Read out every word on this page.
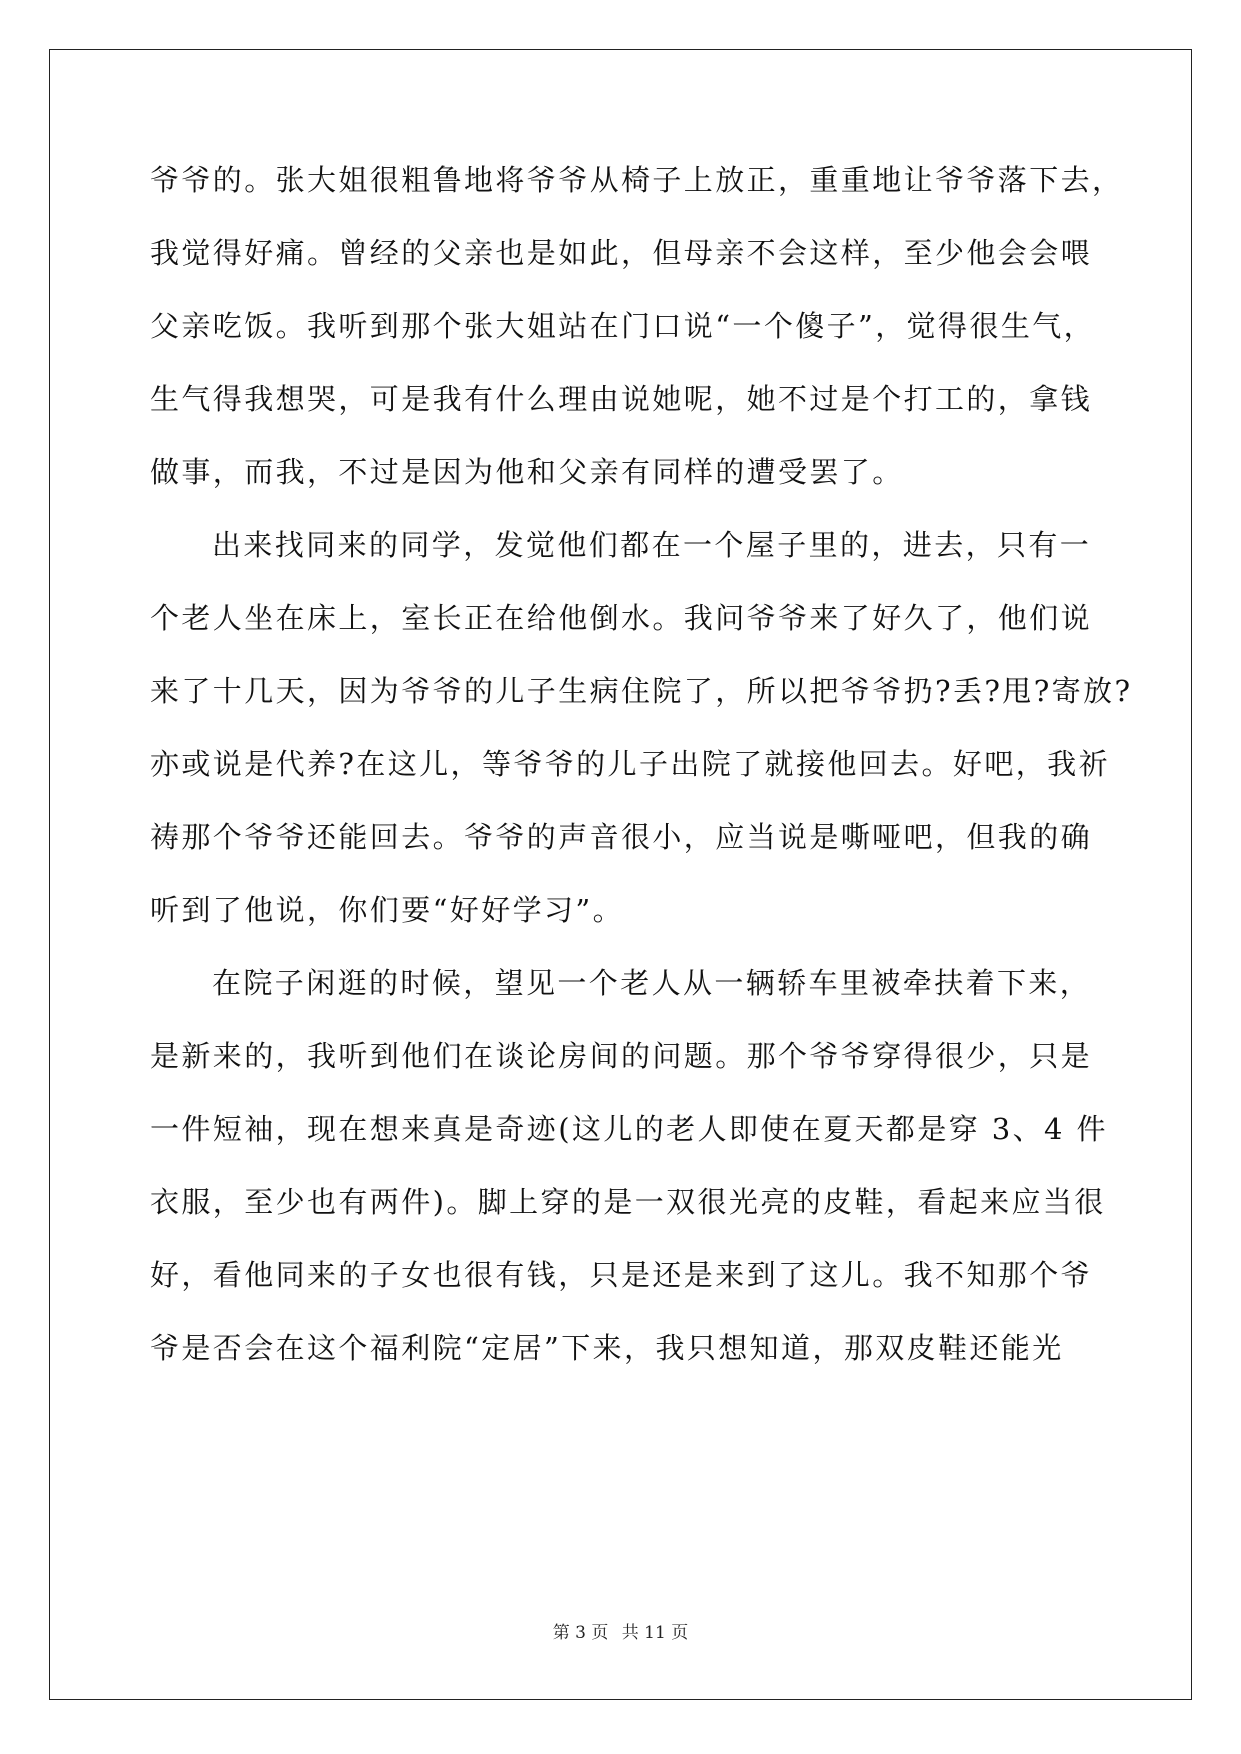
爷爷的。张大姐很粗鲁地将爷爷从椅子上放正，重重地让爷爷落下去，
我觉得好痛。曾经的父亲也是如此，但母亲不会这样，至少他会会喂
父亲吃饭。我听到那个张大姐站在门口说“一个傻子”，觉得很生气，
生气得我想哭，可是我有什么理由说她呢，她不过是个打工的，拿钱
做事，而我，不过是因为他和父亲有同样的遭受罢了。
出来找同来的同学，发觉他们都在一个屋子里的，进去，只有一
个老人坐在床上，室长正在给他倒水。我问爷爷来了好久了，他们说
来了十几天，因为爷爷的儿子生病住院了，所以把爷爷扔?丢?甩?寄放?
亦或说是代养?在这儿，等爷爷的儿子出院了就接他回去。好吧，我祈
祷那个爷爷还能回去。爷爷的声音很小，应当说是嘶哑吧，但我的确
听到了他说，你们要“好好学习”。
在院子闲逛的时候，望见一个老人从一辆轿车里被牵扶着下来，
是新来的，我听到他们在谈论房间的问题。那个爷爷穿得很少，只是
一件短袖，现在想来真是奇迹(这儿的老人即使在夏天都是穿 3、4 件
衣服，至少也有两件)。脚上穿的是一双很光亮的皮鞋，看起来应当很
好，看他同来的子女也很有钱，只是还是来到了这儿。我不知那个爷
爷是否会在这个福利院“定居”下来，我只想知道，那双皮鞋还能光
第 3 页 共 11 页
